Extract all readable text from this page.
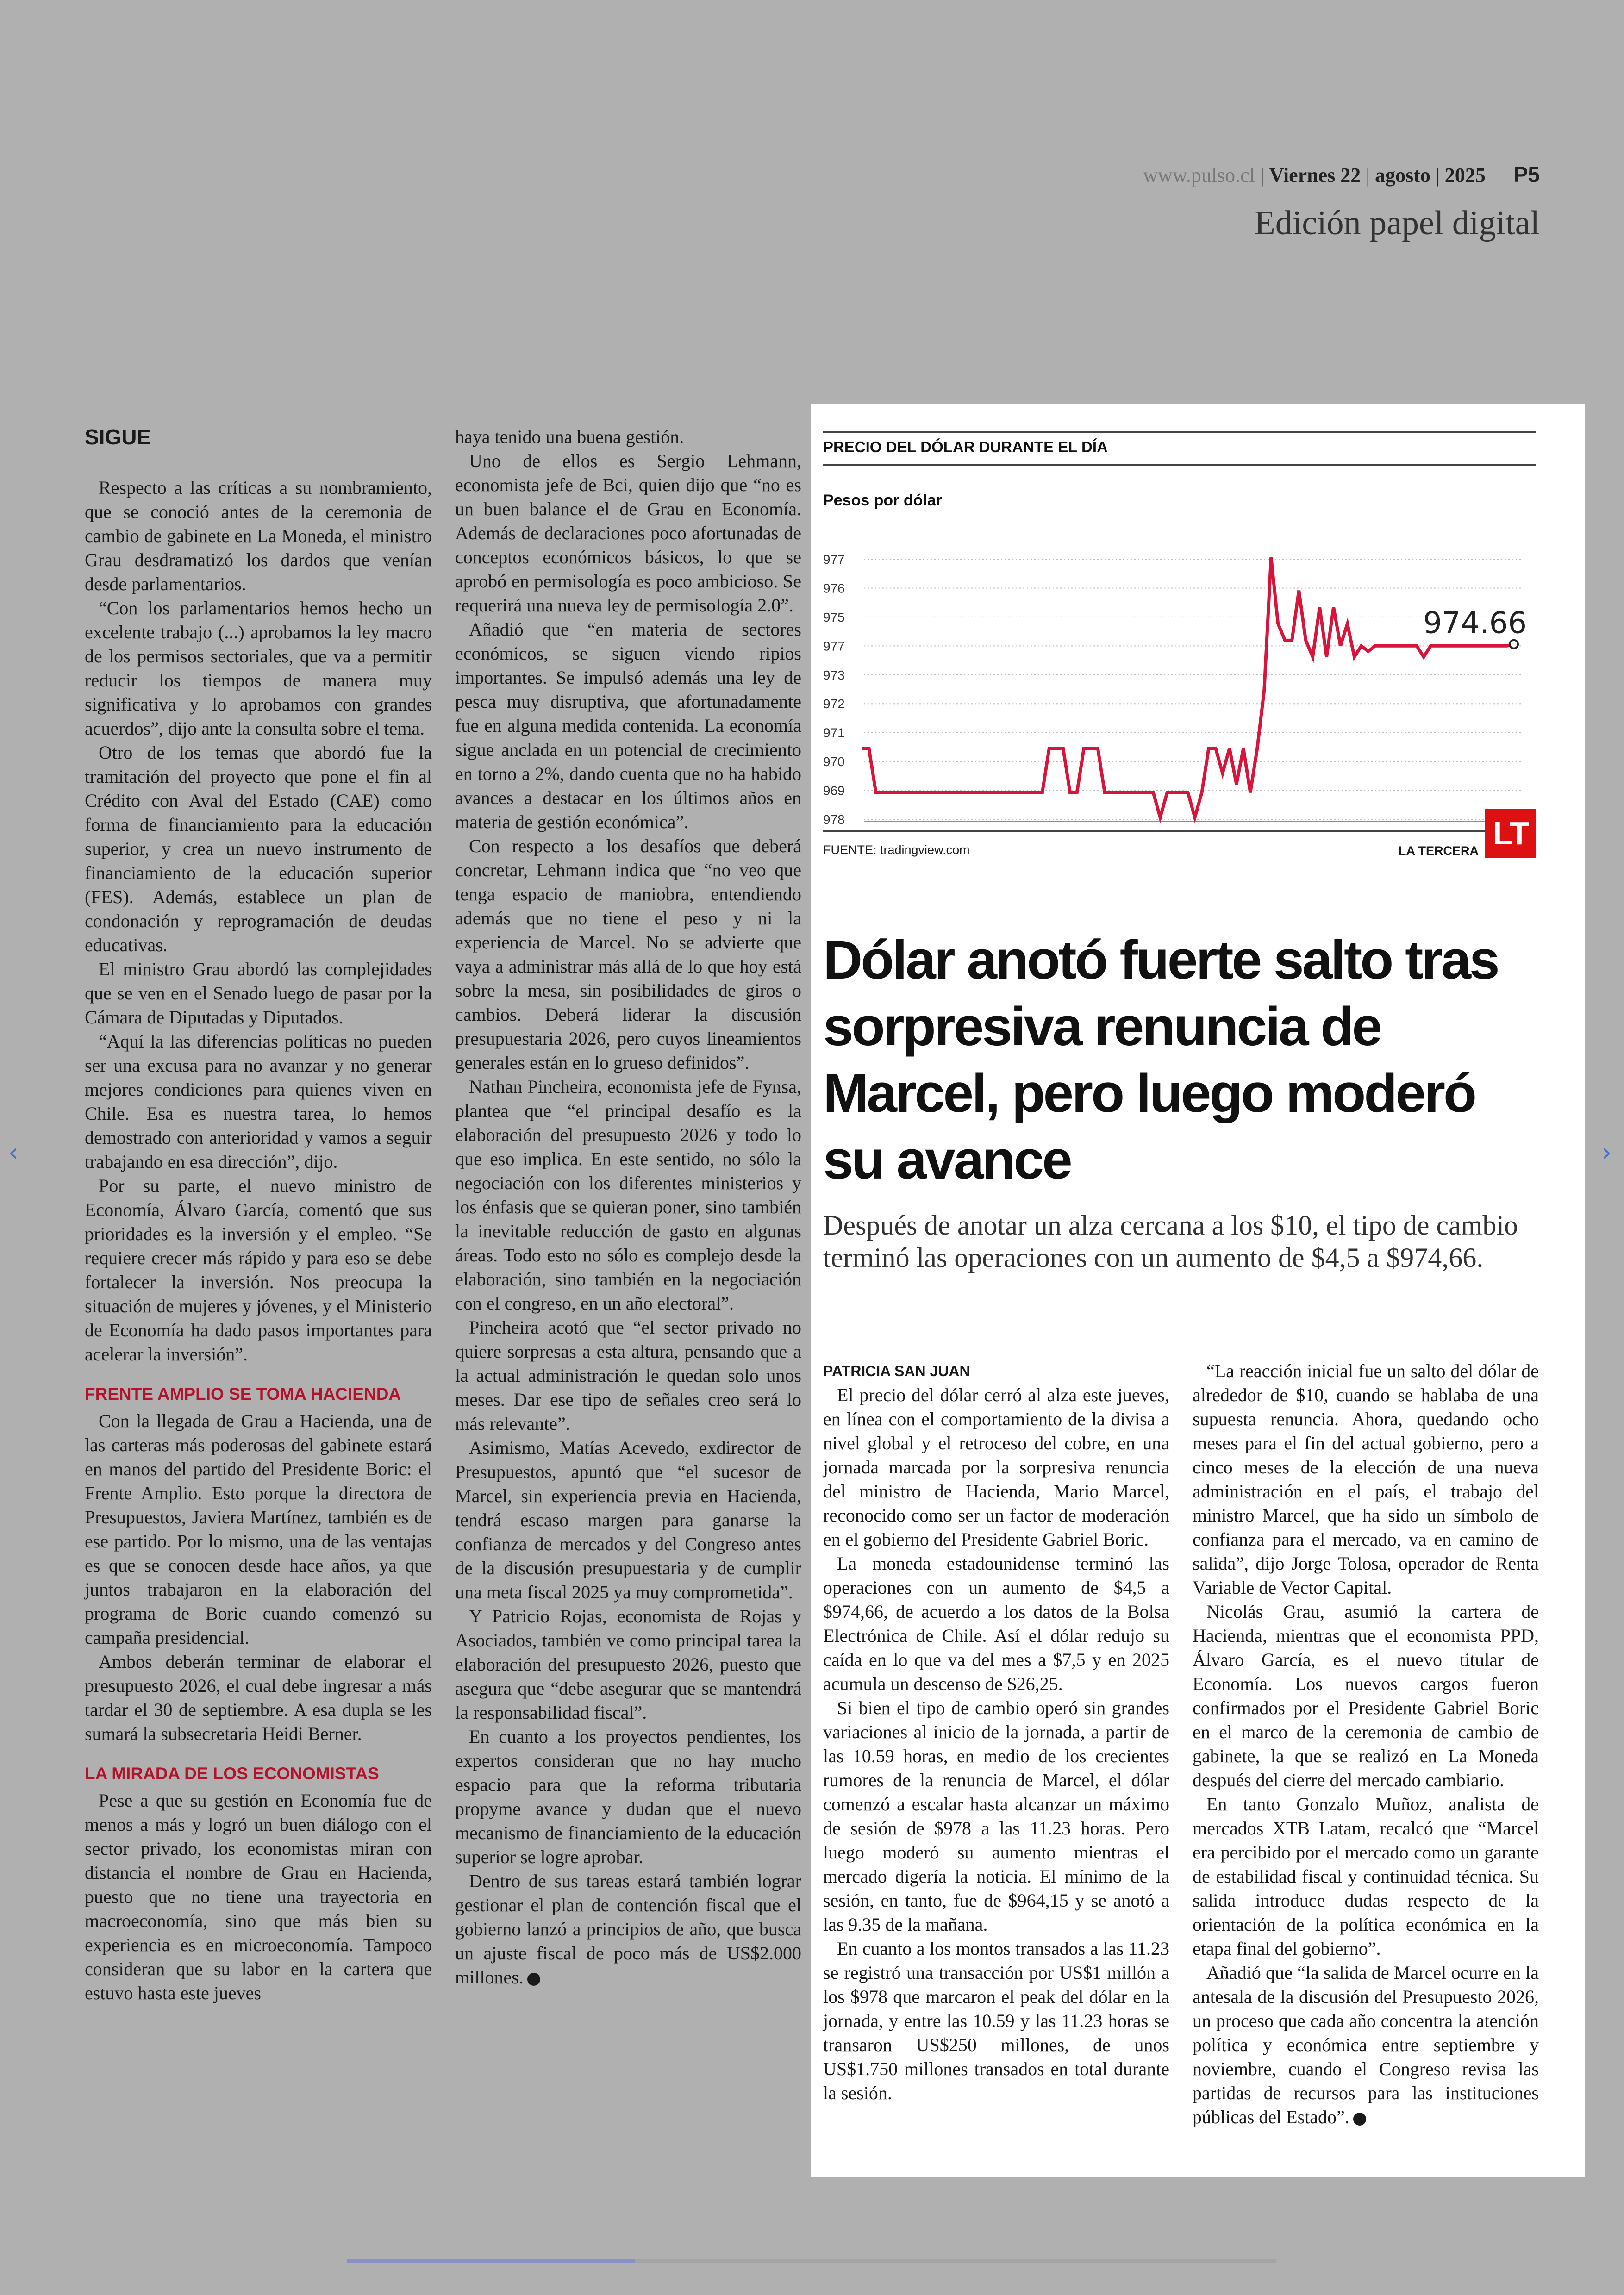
www.pulso.cl | Viernes 22 | agosto | 2025 P5
Edición papel digital
SIGUE

Respecto a las críticas a su nombramiento, que se conoció antes de la ceremonia de cambio de gabinete en La Moneda, el ministro Grau desdramatizó los dardos que venían desde parlamentarios.

“Con los parlamentarios hemos hecho un excelente trabajo (...) aprobamos la ley macro de los permisos sectoriales, que va a permitir reducir los tiempos de manera muy significativa y lo aprobamos con grandes acuerdos”, dijo ante la consulta sobre el tema.

Otro de los temas que abordó fue la tramitación del proyecto que pone el fin al Crédito con Aval del Estado (CAE) como forma de financiamiento para la educación superior, y crea un nuevo instrumento de financiamiento de la educación superior (FES). Además, establece un plan de condonación y reprogramación de deudas educativas.

El ministro Grau abordó las complejidades que se ven en el Senado luego de pasar por la Cámara de Diputadas y Diputados.

“Aquí la las diferencias políticas no pueden ser una excusa para no avanzar y no generar mejores condiciones para quienes viven en Chile. Esa es nuestra tarea, lo hemos demostrado con anterioridad y vamos a seguir trabajando en esa dirección”, dijo.

Por su parte, el nuevo ministro de Economía, Álvaro García, comentó que sus prioridades es la inversión y el empleo. “Se requiere crecer más rápido y para eso se debe fortalecer la inversión. Nos preocupa la situación de mujeres y jóvenes, y el Ministerio de Economía ha dado pasos importantes para acelerar la inversión”.

FRENTE AMPLIO SE TOMA HACIENDA

Con la llegada de Grau a Hacienda, una de las carteras más poderosas del gabinete estará en manos del partido del Presidente Boric: el Frente Amplio. Esto porque la directora de Presupuestos, Javiera Martínez, también es de ese partido. Por lo mismo, una de las ventajas es que se conocen desde hace años, ya que juntos trabajaron en la elaboración del programa de Boric cuando comenzó su campaña presidencial.

Ambos deberán terminar de elaborar el presupuesto 2026, el cual debe ingresar a más tardar el 30 de septiembre. A esa dupla se les sumará la subsecretaria Heidi Berner.

LA MIRADA DE LOS ECONOMISTAS

Pese a que su gestión en Economía fue de menos a más y logró un buen diálogo con el sector privado, los economistas miran con distancia el nombre de Grau en Hacienda, puesto que no tiene una trayectoria en macroeconomía, sino que más bien su experiencia es en microeconomía. Tampoco consideran que su labor en la cartera que estuvo hasta este jueves

haya tenido una buena gestión.

Uno de ellos es Sergio Lehmann, economista jefe de Bci, quien dijo que “no es un buen balance el de Grau en Economía. Además de declaraciones poco afortunadas de conceptos económicos básicos, lo que se aprobó en permisología es poco ambicioso. Se requerirá una nueva ley de permisología 2.0”.

Añadió que “en materia de sectores económicos, se siguen viendo ripios importantes. Se impulsó además una ley de pesca muy disruptiva, que afortunadamente fue en alguna medida contenida. La economía sigue anclada en un potencial de crecimiento en torno a 2%, dando cuenta que no ha habido avances a destacar en los últimos años en materia de gestión económica”.

Con respecto a los desafíos que deberá concretar, Lehmann indica que “no veo que tenga espacio de maniobra, entendiendo además que no tiene el peso y ni la experiencia de Marcel. No se advierte que vaya a administrar más allá de lo que hoy está sobre la mesa, sin posibilidades de giros o cambios. Deberá liderar la discusión presupuestaria 2026, pero cuyos lineamientos generales están en lo grueso definidos”.

Nathan Pincheira, economista jefe de Fynsa, plantea que “el principal desafío es la elaboración del presupuesto 2026 y todo lo que eso implica. En este sentido, no sólo la negociación con los diferentes ministerios y los énfasis que se quieran poner, sino también la inevitable reducción de gasto en algunas áreas. Todo esto no sólo es complejo desde la elaboración, sino también en la negociación con el congreso, en un año electoral”.

Pincheira acotó que “el sector privado no quiere sorpresas a esta altura, pensando que a la actual administración le quedan solo unos meses. Dar ese tipo de señales creo será lo más relevante”.

Asimismo, Matías Acevedo, exdirector de Presupuestos, apuntó que “el sucesor de Marcel, sin experiencia previa en Hacienda, tendrá escaso margen para ganarse la confianza de mercados y del Congreso antes de la discusión presupuestaria y de cumplir una meta fiscal 2025 ya muy comprometida”.

Y Patricio Rojas, economista de Rojas y Asociados, también ve como principal tarea la elaboración del presupuesto 2026, puesto que asegura que “debe asegurar que se mantendrá la responsabilidad fiscal”.

En cuanto a los proyectos pendientes, los expertos consideran que no hay mucho espacio para que la reforma tributaria propyme avance y dudan que el nuevo mecanismo de financiamiento de la educación superior se logre aprobar.

Dentro de sus tareas estará también lograr gestionar el plan de contención fiscal que el gobierno lanzó a principios de año, que busca un ajuste fiscal de poco más de US$2.000 millones.

977
976
975
977
973
972
971
970
969
978
974.66
PRECIO DEL DÓLAR DURANTE EL DÍA
Pesos por dólar
FUENTE: tradingview.com	LA TERCERA LT
Dólar anotó fuerte salto tras sorpresiva renuncia de Marcel, pero luego moderó su avance

Después de anotar un alza cercana a los $10, el tipo de cambio terminó las operaciones con un aumento de $4,5 a $974,66.

PATRICIA SAN JUAN

El precio del dólar cerró al alza este jueves, en línea con el comportamiento de la divisa a nivel global y el retroceso del cobre, en una jornada marcada por la sorpresiva renuncia del ministro de Hacienda, Mario Marcel, reconocido como ser un factor de moderación en el gobierno del Presidente Gabriel Boric.

La moneda estadounidense terminó las operaciones con un aumento de $4,5 a $974,66, de acuerdo a los datos de la Bolsa Electrónica de Chile. Así el dólar redujo su caída en lo que va del mes a $7,5 y en 2025 acumula un descenso de $26,25.

Si bien el tipo de cambio operó sin grandes variaciones al inicio de la jornada, a partir de las 10.59 horas, en medio de los crecientes rumores de la renuncia de Marcel, el dólar comenzó a escalar hasta alcanzar un máximo de sesión de $978 a las 11.23 horas. Pero luego moderó su aumento mientras el mercado digería la noticia. El mínimo de la sesión, en tanto, fue de $964,15 y se anotó a las 9.35 de la mañana.

En cuanto a los montos transados a las 11.23 se registró una transacción por US$1 millón a los $978 que marcaron el peak del dólar en la jornada, y entre las 10.59 y las 11.23 horas se transaron US$250 millones, de unos US$1.750 millones transados en total durante la sesión.

“La reacción inicial fue un salto del dólar de alrededor de $10, cuando se hablaba de una supuesta renuncia. Ahora, quedando ocho meses para el fin del actual gobierno, pero a cinco meses de la elección de una nueva administración en el país, el trabajo del ministro Marcel, que ha sido un símbolo de confianza para el mercado, va en camino de salida”, dijo Jorge Tolosa, operador de Renta Variable de Vector Capital.

Nicolás Grau, asumió la cartera de Hacienda, mientras que el economista PPD, Álvaro García, es el nuevo titular de Economía. Los nuevos cargos fueron confirmados por el Presidente Gabriel Boric en el marco de la ceremonia de cambio de gabinete, la que se realizó en La Moneda después del cierre del mercado cambiario.

En tanto Gonzalo Muñoz, analista de mercados XTB Latam, recalcó que “Marcel era percibido por el mercado como un garante de estabilidad fiscal y continuidad técnica. Su salida introduce dudas respecto de la orientación de la política económica en la etapa final del gobierno”.

Añadió que “la salida de Marcel ocurre en la antesala de la discusión del Presupuesto 2026, un proceso que cada año concentra la atención política y económica entre septiembre y noviembre, cuando el Congreso revisa las partidas de recursos para las instituciones públicas del Estado”.

‹	›
